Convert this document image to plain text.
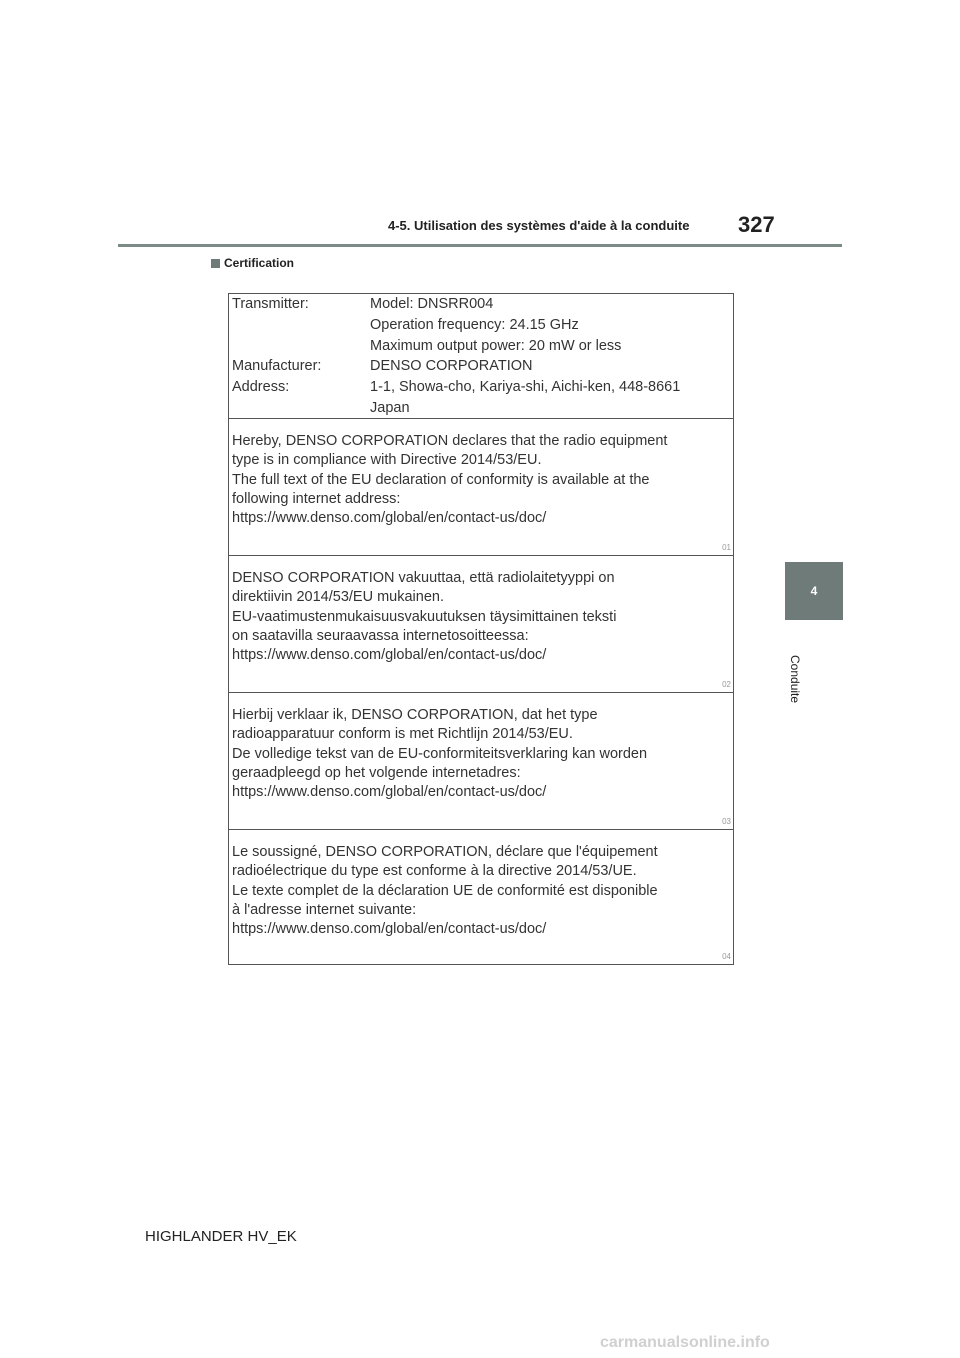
4-5. Utilisation des systèmes d'aide à la conduite 327
4
Conduite
Certification
Transmitter:	Model: DNSRR004
Operation frequency: 24.15 GHz
Maximum output power: 20 mW or less
Manufacturer:	DENSO CORPORATION
Address:	1-1, Showa-cho, Kariya-shi, Aichi-ken, 448-8661
Japan
Hereby, DENSO CORPORATION declares that the radio equipment
type is in compliance with Directive 2014/53/EU.
The full text of the EU declaration of conformity is available at the
following internet address:
https://www.denso.com/global/en/contact-us/doc/
01
DENSO CORPORATION vakuuttaa, että radiolaitetyyppi on
direktiivin 2014/53/EU mukainen.
EU-vaatimustenmukaisuusvakuutuksen täysimittainen teksti
on saatavilla seuraavassa internetosoitteessa:
https://www.denso.com/global/en/contact-us/doc/
02
Hierbij verklaar ik, DENSO CORPORATION, dat het type
radioapparatuur conform is met Richtlijn 2014/53/EU.
De volledige tekst van de EU-conformiteitsverklaring kan worden
geraadpleegd op het volgende internetadres:
https://www.denso.com/global/en/contact-us/doc/
03
Le soussigné, DENSO CORPORATION, déclare que l'équipement
radioélectrique du type est conforme à la directive 2014/53/UE.
Le texte complet de la déclaration UE de conformité est disponible
à l'adresse internet suivante:
https://www.denso.com/global/en/contact-us/doc/
04
HIGHLANDER HV_EK
carmanualsonline.info
